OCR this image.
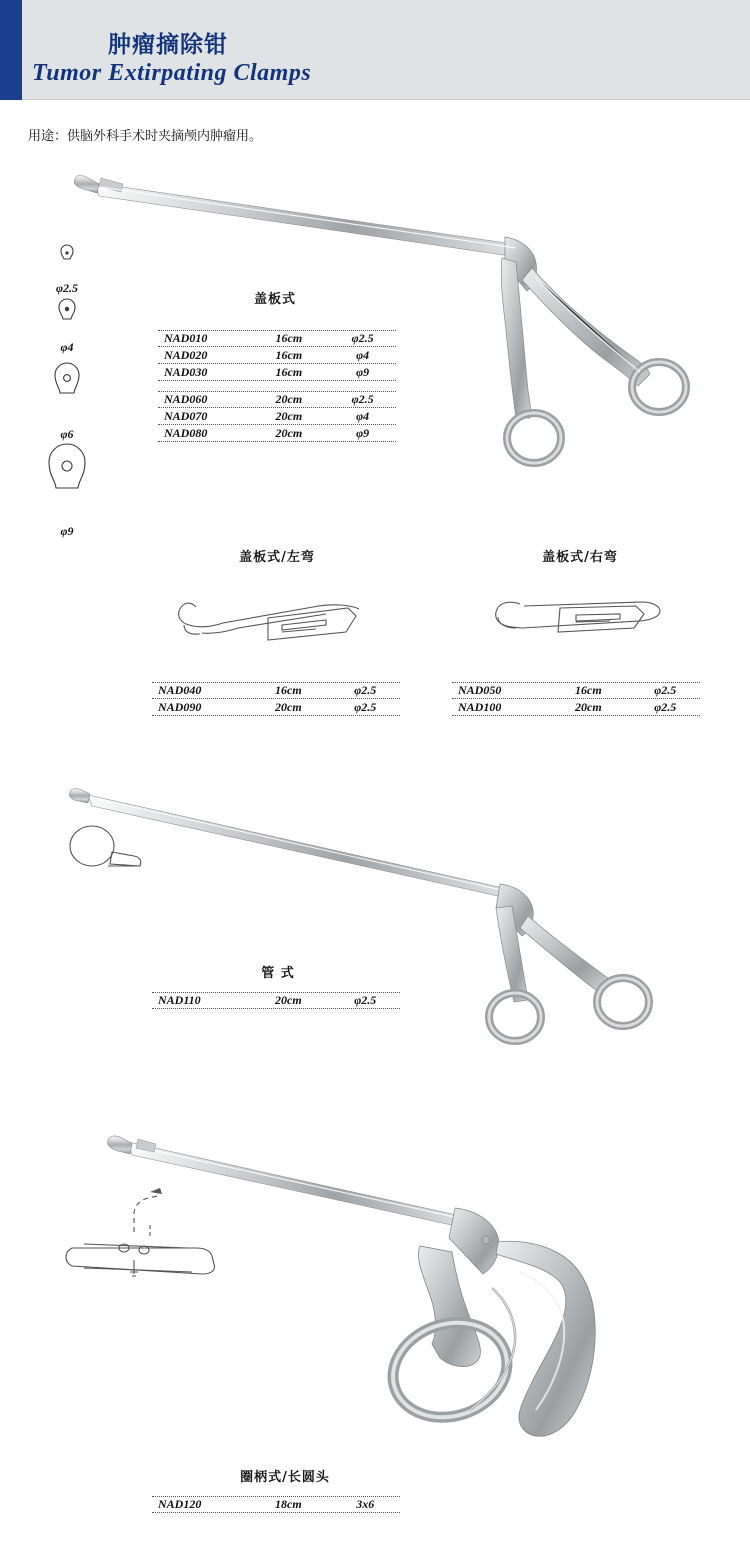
肿瘤摘除钳
Tumor Extirpating Clamps
用途：供脑外科手术时夹摘颅内肿瘤用。
φ2.5
φ4
φ6
φ9
盖板式
NAD010	16cm	φ2.5
NAD020	16cm	φ4
NAD030	16cm	φ9
NAD060	20cm	φ2.5
NAD070	20cm	φ4
NAD080	20cm	φ9
盖板式/左弯
NAD040	16cm	φ2.5
NAD090	20cm	φ2.5
盖板式/右弯
NAD050	16cm	φ2.5
NAD100	20cm	φ2.5
管 式
NAD110	20cm	φ2.5
圈柄式/长圆头
NAD120	18cm	3x6
